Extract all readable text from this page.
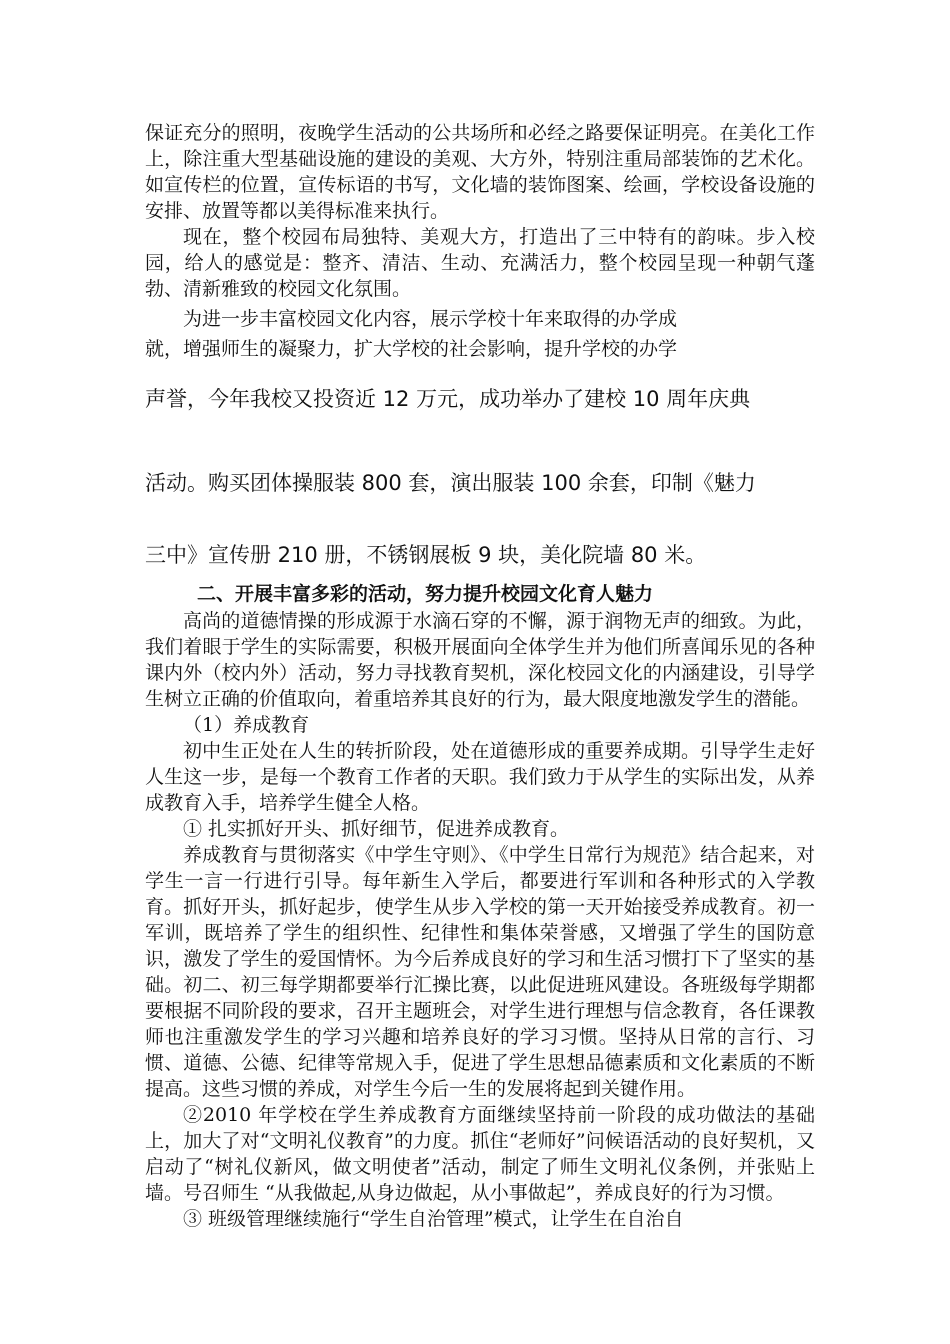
保证充分的照明，夜晚学生活动的公共场所和必经之路要保证明亮。在美化工作上，除注重大型基础设施的建设的美观、大方外，特别注重局部装饰的艺术化。如宣传栏的位置，宣传标语的书写，文化墙的装饰图案、绘画，学校设备设施的安排、放置等都以美得标准来执行。

现在，整个校园布局独特、美观大方，打造出了三中特有的韵味。步入校园，给人的感觉是：整齐、清洁、生动、充满活力，整个校园呈现一种朝气蓬勃、清新雅致的校园文化氛围。

为进一步丰富校园文化内容，展示学校十年来取得的办学成

就，增强师生的凝聚力，扩大学校的社会影响，提升学校的办学

声誉，今年我校又投资近 12 万元，成功举办了建校 10 周年庆典

活动。购买团体操服装 800 套，演出服装 100 余套，印制《魅力

三中》宣传册 210 册，不锈钢展板 9 块，美化院墙 80 米。

二、开展丰富多彩的活动，努力提升校园文化育人魅力

高尚的道德情操的形成源于水滴石穿的不懈，源于润物无声的细致。为此，我们着眼于学生的实际需要，积极开展面向全体学生并为他们所喜闻乐见的各种课内外（校内外）活动，努力寻找教育契机，深化校园文化的内涵建设，引导学生树立正确的价值取向，着重培养其良好的行为，最大限度地激发学生的潜能。

（1）养成教育

初中生正处在人生的转折阶段，处在道德形成的重要养成期。引导学生走好人生这一步，是每一个教育工作者的天职。我们致力于从学生的实际出发，从养成教育入手，培养学生健全人格。

① 扎实抓好开头、抓好细节，促进养成教育。

养成教育与贯彻落实《中学生守则》、《中学生日常行为规范》结合起来，对学生一言一行进行引导。每年新生入学后，都要进行军训和各种形式的入学教育。抓好开头，抓好起步，使学生从步入学校的第一天开始接受养成教育。初一军训，既培养了学生的组织性、纪律性和集体荣誉感，又增强了学生的国防意识，激发了学生的爱国情怀。为今后养成良好的学习和生活习惯打下了坚实的基础。初二、初三每学期都要举行汇操比赛，以此促进班风建设。各班级每学期都要根据不同阶段的要求，召开主题班会，对学生进行理想与信念教育，各任课教师也注重激发学生的学习兴趣和培养良好的学习习惯。坚持从日常的言行、习惯、道德、公德、纪律等常规入手，促进了学生思想品德素质和文化素质的不断提高。这些习惯的养成，对学生今后一生的发展将起到关键作用。

②2010 年学校在学生养成教育方面继续坚持前一阶段的成功做法的基础上，加大了对“文明礼仪教育”的力度。抓住“老师好”问候语活动的良好契机，又启动了“树礼仪新风，做文明使者”活动，制定了师生文明礼仪条例，并张贴上墙。号召师生 “从我做起,从身边做起，从小事做起”，养成良好的行为习惯。

③ 班级管理继续施行“学生自治管理”模式，让学生在自治自
